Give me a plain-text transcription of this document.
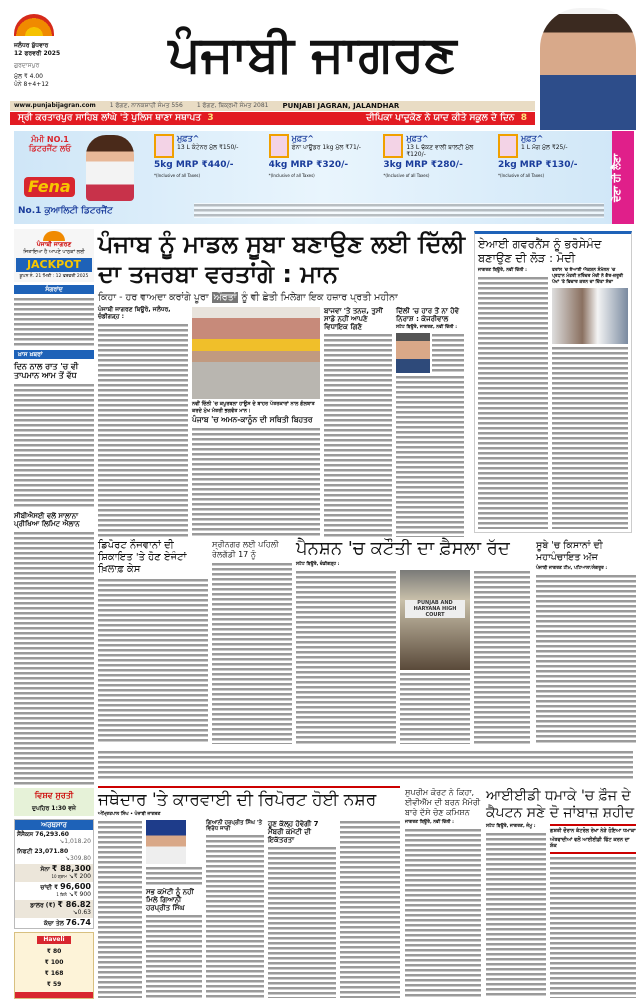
ਜਲੰਧਰ ਬੁੱਧਵਾਰ
12 ਫਰਵਰੀ 2025
ਗੁਰਦਾਸਪੁਰ
ਮੁੱਲ ₹ 4.00
ਪੰਨੇ 8+4+12
ਪੰਜਾਬੀ ਜਾਗਰਣ
www.punjabijagran.com 1 ਫੱਗਣ, ਨਾਨਕਸ਼ਾਹੀ ਸੰਮਤ 556 1 ਫੱਗਣ, ਬਿਕ੍ਰਮੀ ਸੰਮਤ 2081 PUNJABI JAGRAN, JALANDHAR
ਸ੍ਰੀ ਕਰਤਾਰਪੁਰ ਸਾਹਿਬ ਲਾਂਘੇ 'ਤੇ ਪੁਲਿਸ ਥਾਣਾ ਸਥਾਪਤ 3	ਦੀਪਿਕਾ ਪਾਦੂਕੋਣ ਨੇ ਯਾਦ ਕੀਤੇ ਸਕੂਲ ਦੇ ਦਿਨ 8
ਮੰਮੀ NO.1 ਡਿਟਰਜੈਂਟ ਲਓ
Fena
No.1 ਕੁਆਲਿਟੀ ਡਿਟਰਜੈਂਟ
ਮੁਫ਼ਤ^
13 L ਕੰਟੇਨਰ ਮੁੱਲ ₹150/-
5kg MRP ₹440/-
*(Inclusive of all Taxes)
ਮੁਫ਼ਤ^
ਫੇਨਾ ਪਾਊਡਰ 1kg ਮੁੱਲ ₹71/-
4kg MRP ₹320/-
*(Inclusive of all Taxes)
ਮੁਫ਼ਤ^
13 L ਢੱਕਣ ਵਾਲੀ ਬਾਲਟੀ ਮੁੱਲ ₹120/-
3kg MRP ₹280/-
*(Inclusive of all Taxes)
ਮੁਫ਼ਤ^
1 L ਮੱਗ ਮੁੱਲ ₹25/-
2kg MRP ₹130/-
*(Inclusive of all Taxes)	ਦੇਣਾ ਹੀ ਲੈਣਾ
ਪੰਜਾਬੀ ਜਾਗਰਣ
ਜਿਤਾਇਆ ਹੈ ਆਪਣੇ ਪਾਠਕਾਂ ਲਈ
JACKPOT
ਕੂਪਨ ਨੰ. 21 ਮਿਤੀ : 12 ਫਰਵਰੀ 2025
ਸੰਗਰਾਂਦ
ਖ਼ਾਸ ਖ਼ਬਰਾਂ
ਦਿਨ ਨਾਲ ਰਾਤ 'ਚ ਵੀ ਤਾਪਮਾਨ ਆਮ ਤੋਂ ਵੱਧ
ਸੀਬੀਐਸਈ ਵਲੋਂ ਸਾਲਾਨਾ ਪ੍ਰੀਖਿਆ ਲਿਮਿਟ ਐਲਾਨ
ਵਿਸ਼ਵ ਸੁਰਤੀ
ਦੁਪਹਿਰ 1:30 ਵਜੇ
ਅਰਥਸਾਰ
ਸੈਂਸੈਕਸ 76,293.60
↘1,018.20
ਨਿਫਟੀ 23,071.80
↘309.80
ਸੋਨਾ ₹ 88,300
10 ਗ੍ਰਾਮ ↘₹ 200
ਚਾਂਦੀ ₹ 96,600
1 ਕਿਲੋ ↘₹ 900
ਡਾਲਰ (₹) ₹ 86.82
↘0.63
ਕੱਚਾ ਤੇਲ 76.74
Haveli
₹ 80
₹ 100
₹ 168
₹ 59
ਪੰਜਾਬ ਨੂੰ ਮਾਡਲ ਸੂਬਾ ਬਣਾਉਣ ਲਈ ਦਿੱਲੀ ਦਾ ਤਜਰਬਾ ਵਰਤਾਂਗੇ : ਮਾਨ
ਕਿਹਾ - ਹਰ ਵਾਅਦਾ ਕਰਾਂਗੇ ਪੂਰਾ ਔਰਤਾਂ ਨੂੰ ਵੀ ਛੇਤੀ ਮਿਲੇਗਾ ਇਕ ਹਜ਼ਾਰ ਪ੍ਰਤੀ ਮਹੀਨਾ
ਪੰਜਾਬੀ ਜਾਗਰਣ ਬਿਊਰੋ, ਜਲੰਧਰ, ਚੰਡੀਗੜ੍ਹ :
ਨਵੀਂ ਦਿੱਲੀ 'ਚ ਕਪੂਰਥਲਾ ਹਾਊਸ ਦੇ ਬਾਹਰ ਪੱਤਰਕਾਰਾਂ ਨਾਲ ਗੱਲਬਾਤ ਕਰਦੇ ਮੁੱਖ ਮੰਤਰੀ ਭਗਵੰਤ ਮਾਨ।
ਪੰਜਾਬ 'ਚ ਅਮਨ-ਕਾਨੂੰਨ ਦੀ ਸਥਿਤੀ ਬਿਹਤਰ
ਬਾਜਵਾ 'ਤੇ ਤਨਜ਼, ਤੁਸੀਂ ਸਾਡੇ ਨਹੀਂ ਆਪਣੇ ਵਿਧਾਇਕ ਗਿਣੋ
ਦਿੱਲੀ 'ਚ ਹਾਰ ਤੋਂ ਨਾ ਹੋਵੋ ਨਿਰਾਸ਼ : ਕੇਜਰੀਵਾਲ
ਸਟੇਟ ਬਿਊਰੋ, ਜਾਗਰਣ, ਨਵੀਂ ਦਿੱਲੀ :
ਏਆਈ ਗਵਰਨੈਂਸ ਨੂੰ ਭਰੋਸੇਮੰਦ ਬਣਾਉਣ ਦੀ ਲੋੜ : ਮੋਦੀ
ਜਾਗਰਣ ਬਿਊਰੋ, ਨਵੀਂ ਦਿੱਲੀ :	ਫਰਾਂਸ 'ਚ ਏਆਈ ਐਕਸ਼ਨ ਸੰਮੇਲਨ 'ਚ ਪ੍ਰਧਾਨ ਮੰਤਰੀ ਨਰਿੰਦਰ ਮੋਦੀ ਨੇ ਗੈਰ-ਜ਼ਰੂਰੀ ਪੱਖਾਂ 'ਤੇ ਵਿਚਾਰ ਕਰਨ ਦਾ ਦਿੱਤਾ ਸੱਦਾ
ਡਿਪੋਰਟ ਨੌਜਵਾਨਾਂ ਦੀ ਸ਼ਿਕਾਇਤ 'ਤੇ ਹੋਣ ਏਜੰਟਾਂ ਖ਼ਿਲਾਫ਼ ਕੇਸ
ਸ੍ਰੀਨਗਰ ਲਈ ਪਹਿਲੀ ਰੇਲਗੱਡੀ 17 ਨੂੰ	ਪੈਨਸ਼ਨ 'ਚ ਕਟੌਤੀ ਦਾ ਫ਼ੈਸਲਾ ਰੱਦ
ਸਟੇਟ ਬਿਊਰੋ, ਚੰਡੀਗੜ੍ਹ :
PUNJAB AND HARYANA HIGH COURT
ਸੂਬੇ 'ਚ ਕਿਸਾਨਾਂ ਦੀ ਮਹਾਪੰਚਾਇਤ ਅੱਜ
ਪੰਜਾਬੀ ਜਾਗਰਣ ਟੀਮ, ਪਟਿਆਲਾ/ਸੰਗਰੂਰ :
ਜਥੇਦਾਰ 'ਤੇ ਕਾਰਵਾਈ ਦੀ ਰਿਪੋਰਟ ਹੋਈ ਨਸ਼ਰ
ਅੰਮ੍ਰਿਤਪਾਲ ਸਿੰਘ • ਪੰਜਾਬੀ ਜਾਗਰਣ
ਸਭ ਕਮੇਟੀ ਨੂੰ ਨਹੀਂ ਮਿਲੇ ਗਿਆਨੀ ਹਰਪ੍ਰੀਤ ਸਿੰਘ
ਗਿਆਨੀ ਹਰਪ੍ਰੀਤ ਸਿੰਘ 'ਤੇ ਵਿਰੋਧ ਜਾਰੀ
ਹੁਣ ਕੱਲ੍ਹ ਹੋਵੇਗੀ 7 ਮੈਂਬਰੀ ਕਮੇਟੀ ਦੀ ਇਕੱਤਰਤਾ
ਸੁਪਰੀਮ ਕੋਰਟ ਨੇ ਕਿਹਾ, ਈਵੀਐੱਮ ਦੀ ਬਰਨ ਮੈਮੋਰੀ ਬਾਰੇ ਦੱਸੇ ਚੋਣ ਕਮਿਸ਼ਨ
ਜਾਗਰਣ ਬਿਊਰੋ, ਨਵੀਂ ਦਿੱਲੀ :
ਆਈਈਡੀ ਧਮਾਕੇ 'ਚ ਫ਼ੌਜ ਦੇ ਕੈਪਟਨ ਸਣੇ ਦੋ ਜਾਂਬਾਜ਼ ਸ਼ਹੀਦ
ਸਟੇਟ ਬਿਊਰੋ, ਜਾਗਰਣ, ਜੰਮੂ :
ਗਸ਼ਤੀ ਦੌਰਾਨ ਕੰਟਰੋਲ ਰੇਖਾ ਨੇੜੇ ਹੋਇਆ ਧਮਾਕਾ
ਅੱਤਵਾਦੀਆਂ ਵਲੋਂ ਆਈਈਡੀ ਫਿੱਟ ਕਰਨ ਦਾ ਸ਼ੱਕ
